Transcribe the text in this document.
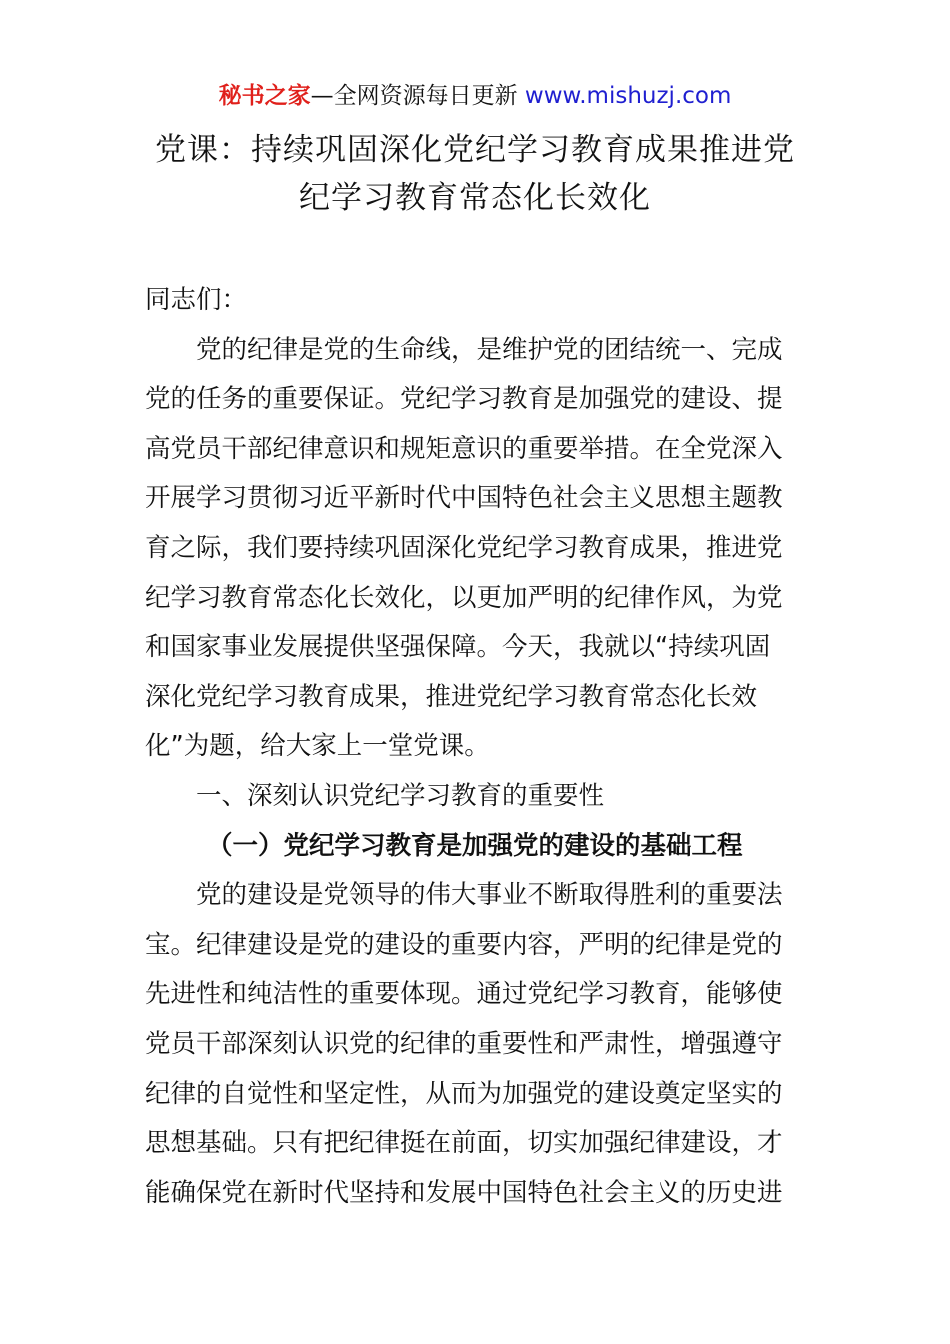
秘书之家—全网资源每日更新 www.mishuzj.com
党课：持续巩固深化党纪学习教育成果推进党
纪学习教育常态化长效化
同志们：
党的纪律是党的生命线，是维护党的团结统一、完成
党的任务的重要保证。党纪学习教育是加强党的建设、提
高党员干部纪律意识和规矩意识的重要举措。在全党深入
开展学习贯彻习近平新时代中国特色社会主义思想主题教
育之际，我们要持续巩固深化党纪学习教育成果，推进党
纪学习教育常态化长效化，以更加严明的纪律作风，为党
和国家事业发展提供坚强保障。今天，我就以“持续巩固
深化党纪学习教育成果，推进党纪学习教育常态化长效
化”为题，给大家上一堂党课。
一、深刻认识党纪学习教育的重要性
（一）党纪学习教育是加强党的建设的基础工程
党的建设是党领导的伟大事业不断取得胜利的重要法
宝。纪律建设是党的建设的重要内容，严明的纪律是党的
先进性和纯洁性的重要体现。通过党纪学习教育，能够使
党员干部深刻认识党的纪律的重要性和严肃性，增强遵守
纪律的自觉性和坚定性，从而为加强党的建设奠定坚实的
思想基础。只有把纪律挺在前面，切实加强纪律建设，才
能确保党在新时代坚持和发展中国特色社会主义的历史进
